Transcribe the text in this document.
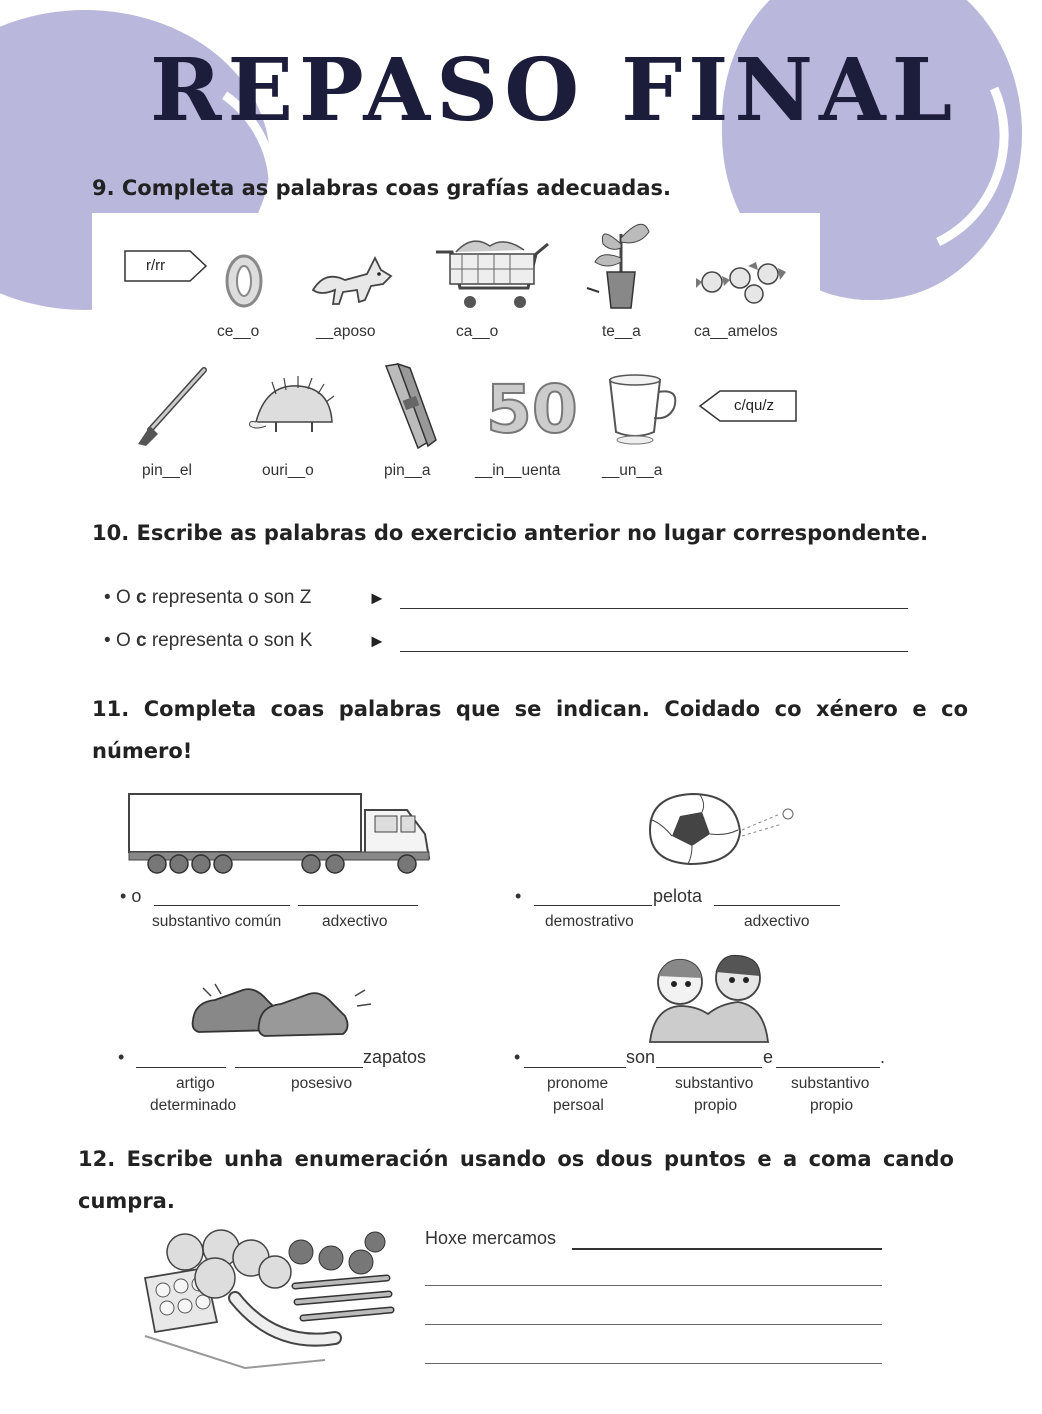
REPASO FINAL
9. Completa as palabras coas grafías adecuadas.
r/rr
ce__o	__aposo	ca__o	te__a	ca__amelos
50	c/qu/z
pin__el	ouri__o	pin__a	__in__uenta	__un__a
10. Escribe as palabras do exercicio anterior no lugar correspondente.
• O c representa o son Z	►
• O c representa o son K	►
11. Completa coas palabras que se indican. Coidado co xénero e co
número!
• o
substantivo común	adxectivo
•	pelota
demostrativo	adxectivo
•	zapatos
artigo
determinado
posesivo
•	son	e	.
pronome
persoal
substantivo
propio
substantivo
propio
12. Escribe unha enumeración usando os dous puntos e a coma cando
cumpra.
Hoxe mercamos
